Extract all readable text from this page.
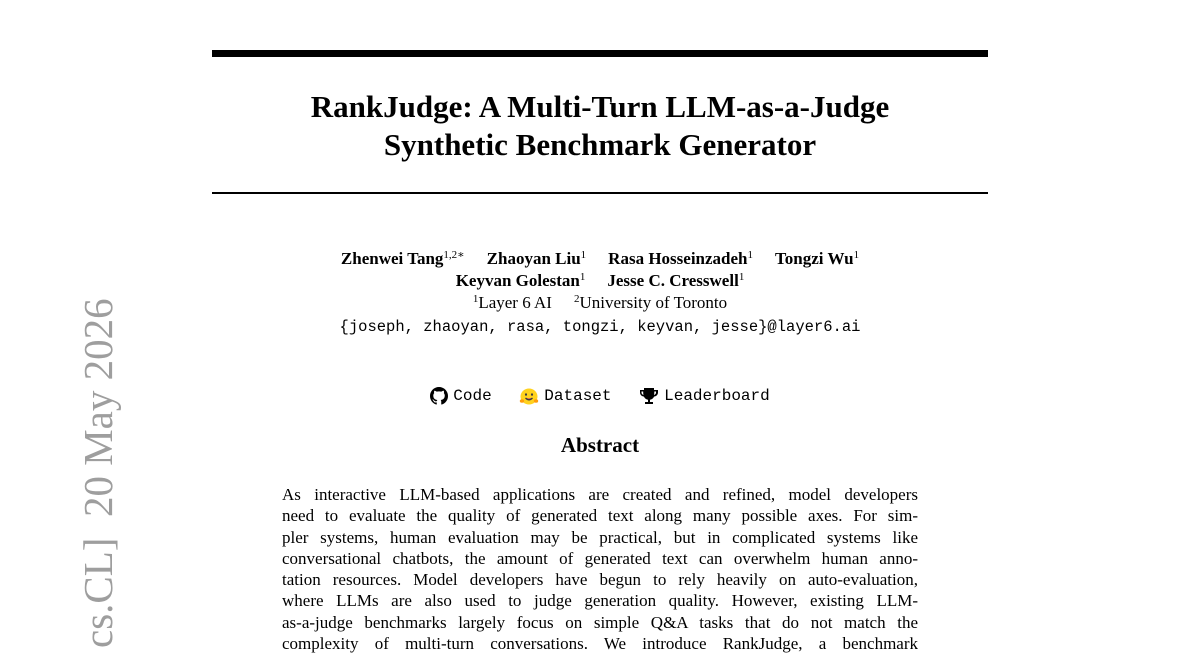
cs.CL]  20 May 2026
RankJudge: A Multi-Turn LLM-as-a-Judge
Synthetic Benchmark Generator
Zhenwei Tang$^{1,2∗}$ Zhaoyan Liu$^1$ Rasa Hosseinzadeh$^1$ Tongzi Wu$^1$
Keyvan Golestan$^1$ Jesse C. Cresswell$^1$
$^1$Layer 6 AI $^2$University of Toronto
{joseph, zhaoyan, rasa, tongzi, keyvan, jesse}@layer6.ai
Code
	Dataset
	Leaderboard
Abstract
As interactive LLM-based applications are created and refined, model developers
need to evaluate the quality of generated text along many possible axes. For sim-
pler systems, human evaluation may be practical, but in complicated systems like
conversational chatbots, the amount of generated text can overwhelm human anno-
tation resources. Model developers have begun to rely heavily on auto-evaluation,
where LLMs are also used to judge generation quality. However, existing LLM-
as-a-judge benchmarks largely focus on simple Q&A tasks that do not match the
complexity of multi-turn conversations. We introduce RankJudge, a benchmark
